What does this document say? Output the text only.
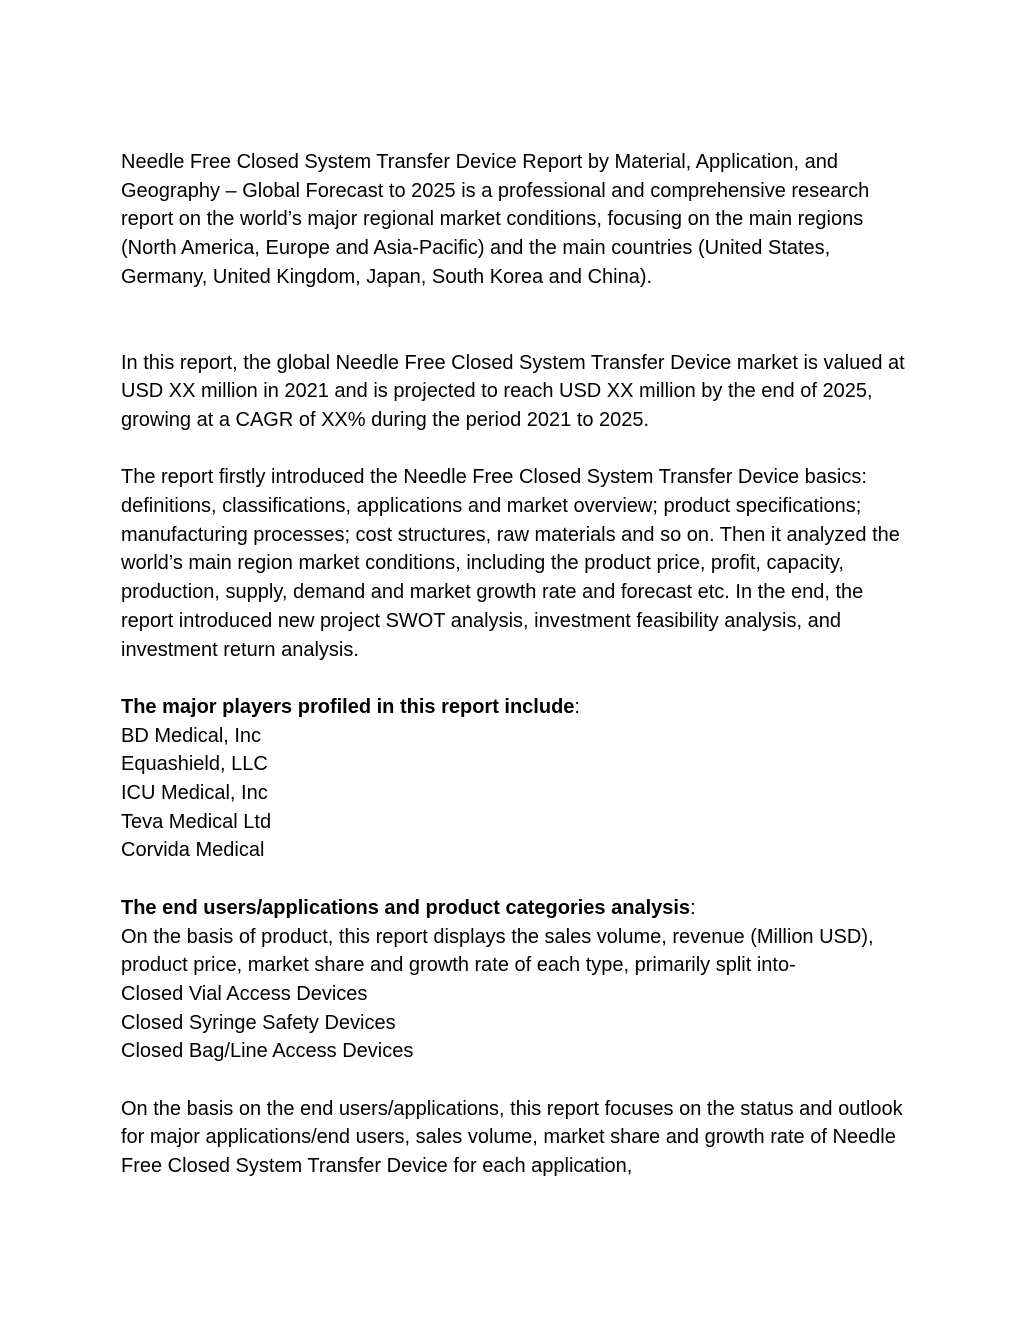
Needle Free Closed System Transfer Device Report by Material, Application, and Geography – Global Forecast to 2025 is a professional and comprehensive research report on the world’s major regional market conditions, focusing on the main regions (North America, Europe and Asia-Pacific) and the main countries (United States, Germany, United Kingdom, Japan, South Korea and China).

In this report, the global Needle Free Closed System Transfer Device market is valued at USD XX million in 2021 and is projected to reach USD XX million by the end of 2025, growing at a CAGR of XX% during the period 2021 to 2025.

The report firstly introduced the Needle Free Closed System Transfer Device basics: definitions, classifications, applications and market overview; product specifications; manufacturing processes; cost structures, raw materials and so on. Then it analyzed the world’s main region market conditions, including the product price, profit, capacity, production, supply, demand and market growth rate and forecast etc. In the end, the report introduced new project SWOT analysis, investment feasibility analysis, and investment return analysis.

The major players profiled in this report include:
BD Medical, Inc
Equashield, LLC
ICU Medical, Inc
Teva Medical Ltd
Corvida Medical
The end users/applications and product categories analysis:
On the basis of product, this report displays the sales volume, revenue (Million USD), product price, market share and growth rate of each type, primarily split into-
Closed Vial Access Devices
Closed Syringe Safety Devices
Closed Bag/Line Access Devices

On the basis on the end users/applications, this report focuses on the status and outlook for major applications/end users, sales volume, market share and growth rate of Needle Free Closed System Transfer Device for each application,
